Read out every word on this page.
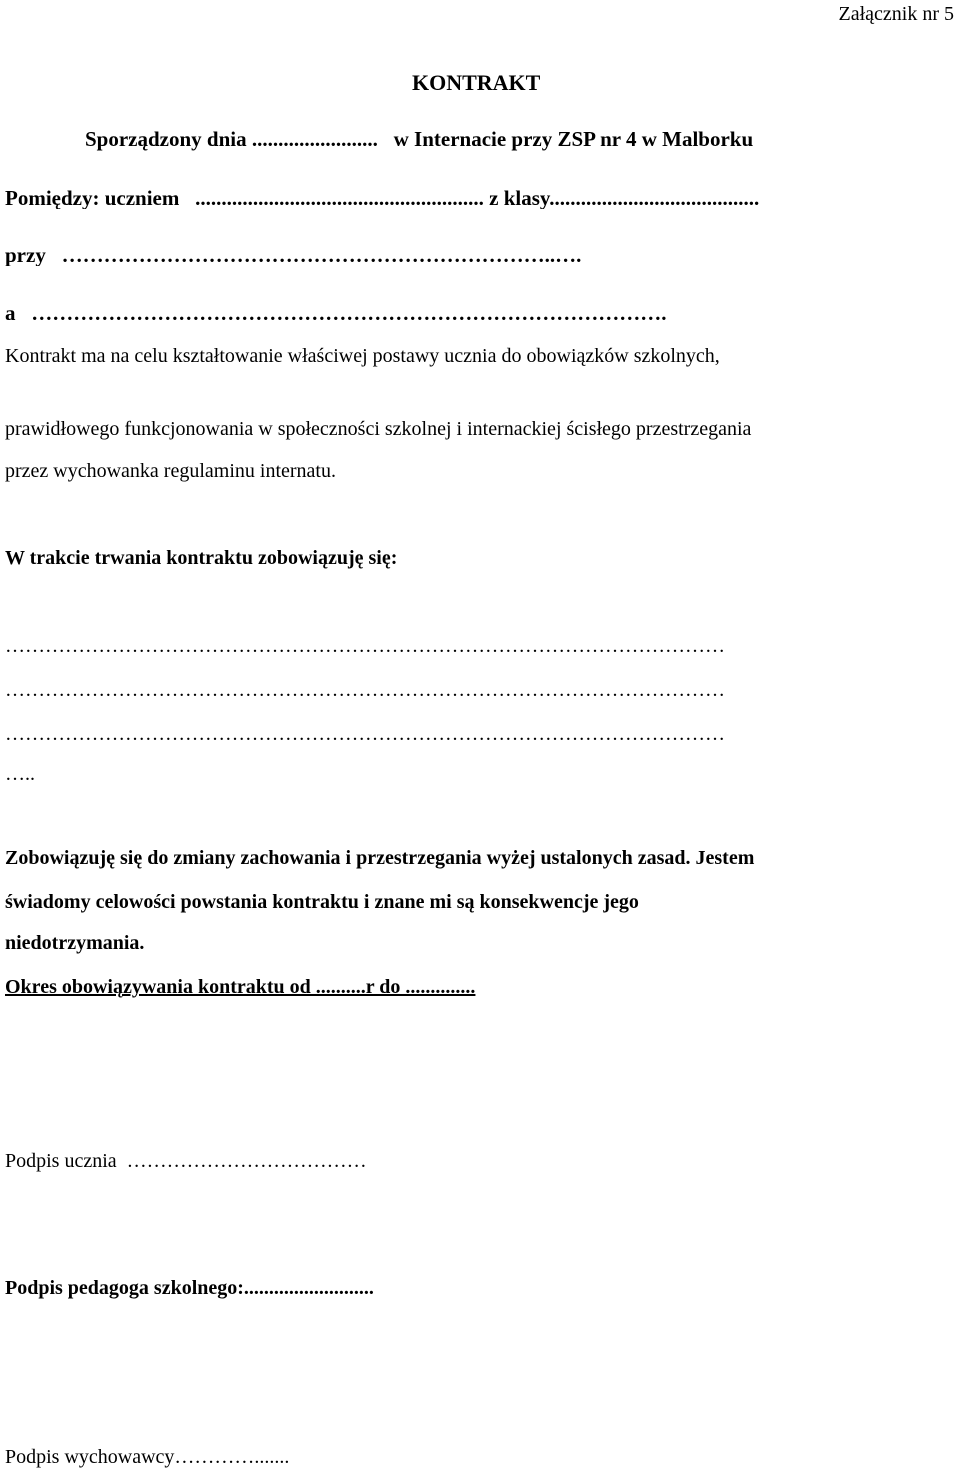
Załącznik nr 5
KONTRAKT
Sporządzony dnia ........................   w Internacie przy ZSP nr 4 w Malborku
Pomiędzy: uczniem   ....................................................... z klasy........................................
przy   ……………………………………………………………..….
a   ……………………………………………………………………………….
Kontrakt ma na celu kształtowanie właściwej postawy ucznia do obowiązków szkolnych,
prawidłowego funkcjonowania w społeczności szkolnej i internackiej ścisłego przestrzegania
przez wychowanka regulaminu internatu.
W trakcie trwania kontraktu zobowiązuję się:
………………………………………………………………………………………………
………………………………………………………………………………………………
………………………………………………………………………………………………
…..
Zobowiązuję się do zmiany zachowania i przestrzegania wyżej ustalonych zasad. Jestem
świadomy celowości powstania kontraktu i znane mi są konsekwencje jego
niedotrzymania.
Okres obowiązywania kontraktu od ..........r do ..............
Podpis ucznia  ………………………………
Podpis pedagoga szkolnego:..........................
Podpis wychowawcy………….......
